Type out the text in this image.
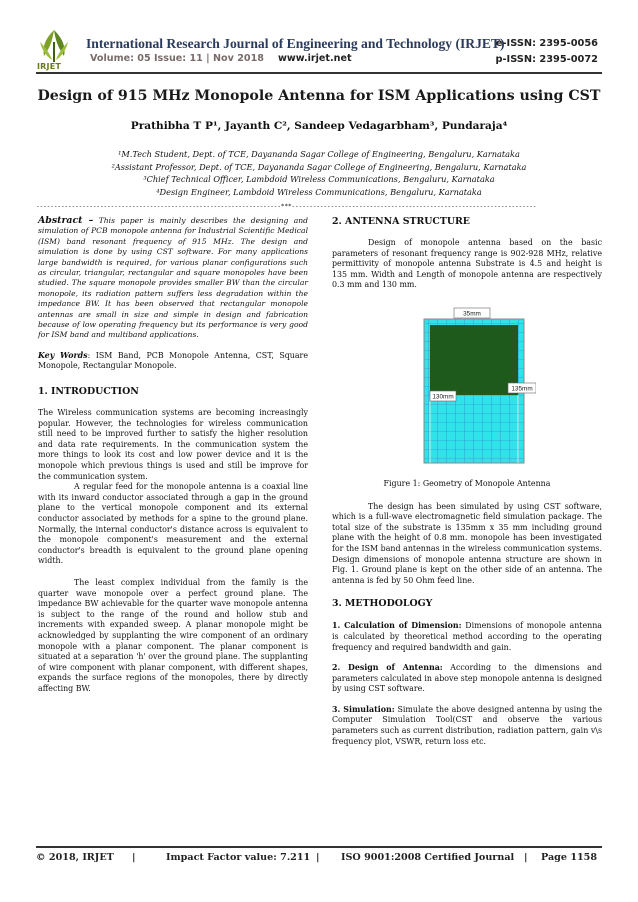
IRJET
International Research Journal of Engineering and Technology (IRJET)
Volume: 05 Issue: 11 | Nov 2018 www.irjet.net
e-ISSN: 2395-0056
p-ISSN: 2395-0072
Design of 915 MHz Monopole Antenna for ISM Applications using CST
Prathibha T P¹, Jayanth C², Sandeep Vedagarbham³, Pundaraja⁴
¹M.Tech Student, Dept. of TCE, Dayananda Sagar College of Engineering, Bengaluru, Karnataka
²Assistant Professor, Dept. of TCE, Dayananda Sagar College of Engineering, Bengaluru, Karnataka
³Chief Technical Officer, Lambdoid Wireless Communications, Bengaluru, Karnataka
⁴Design Engineer, Lambdoid Wireless Communications, Bengaluru, Karnataka
---------------------------------------------------------------------***---------------------------------------------------------------------

Abstract – This paper is mainly describes the designing and simulation of PCB monopole antenna for Industrial Scientific Medical (ISM) band resonant frequency of 915 MHz. The design and simulation is done by using CST software. For many applications large bandwidth is required, for various planar configurations such as circular, triangular, rectangular and square monopoles have been studied. The square monopole provides smaller BW than the circular monopole, its radiation pattern suffers less degradation within the impedance BW. It has been observed that rectangular monopole antennas are small in size and simple in design and fabrication because of low operating frequency but its performance is very good for ISM band and multiband applications.

Key Words: ISM Band, PCB Monopole Antenna, CST, Square Monopole, Rectangular Monopole.

1. INTRODUCTION

The Wireless communication systems are becoming increasingly popular. However, the technologies for wireless communication still need to be improved further to satisfy the higher resolution and data rate requirements. In the communication system the more things to look its cost and low power device and it is the monopole which previous things is used and still be improve for the communication system.

A regular feed for the monopole antenna is a coaxial line with its inward conductor associated through a gap in the ground plane to the vertical monopole component and its external conductor associated by methods for a spine to the ground plane. Normally, the internal conductor's distance across is equivalent to the monopole component's measurement and the external conductor's breadth is equivalent to the ground plane opening width.

The least complex individual from the family is the quarter wave monopole over a perfect ground plane. The impedance BW achievable for the quarter wave monopole antenna is subject to the range of the round and hollow stub and increments with expanded sweep. A planar monopole might be acknowledged by supplanting the wire component of an ordinary monopole with a planar component. The planar component is situated at a separation 'h' over the ground plane. The supplanting of wire component with planar component, with different shapes, expands the surface regions of the monopoles, there by directly affecting BW.

2. ANTENNA STRUCTURE

Design of monopole antenna based on the basic parameters of resonant frequency range is 902-928 MHz, relative permittivity of monopole antenna Substrate is 4.5 and height is 135 mm. Width and Length of monopole antenna are respectively 0.3 mm and 130 mm.

35mm
130mm
135mm

Figure 1: Geometry of Monopole Antenna

The design has been simulated by using CST software, which is a full-wave electromagnetic field simulation package. The total size of the substrate is 135mm x 35 mm including ground plane with the height of 0.8 mm. monopole has been investigated for the ISM band antennas in the wireless communication systems. Design dimensions of monopole antenna structure are shown in Fig. 1. Ground plane is kept on the other side of an antenna. The antenna is fed by 50 Ohm feed line.

3. METHODOLOGY

1. Calculation of Dimension: Dimensions of monopole antenna is calculated by theoretical method according to the operating frequency and required bandwidth and gain.

2. Design of Antenna: According to the dimensions and parameters calculated in above step monopole antenna is designed by using CST software.

3. Simulation: Simulate the above designed antenna by using the Computer Simulation Tool(CST and observe the various parameters such as current distribution, radiation pattern, gain v\s frequency plot, VSWR, return loss etc.

© 2018, IRJET |	Impact Factor value: 7.211 | ISO 9001:2008 Certified Journal | Page 1158
